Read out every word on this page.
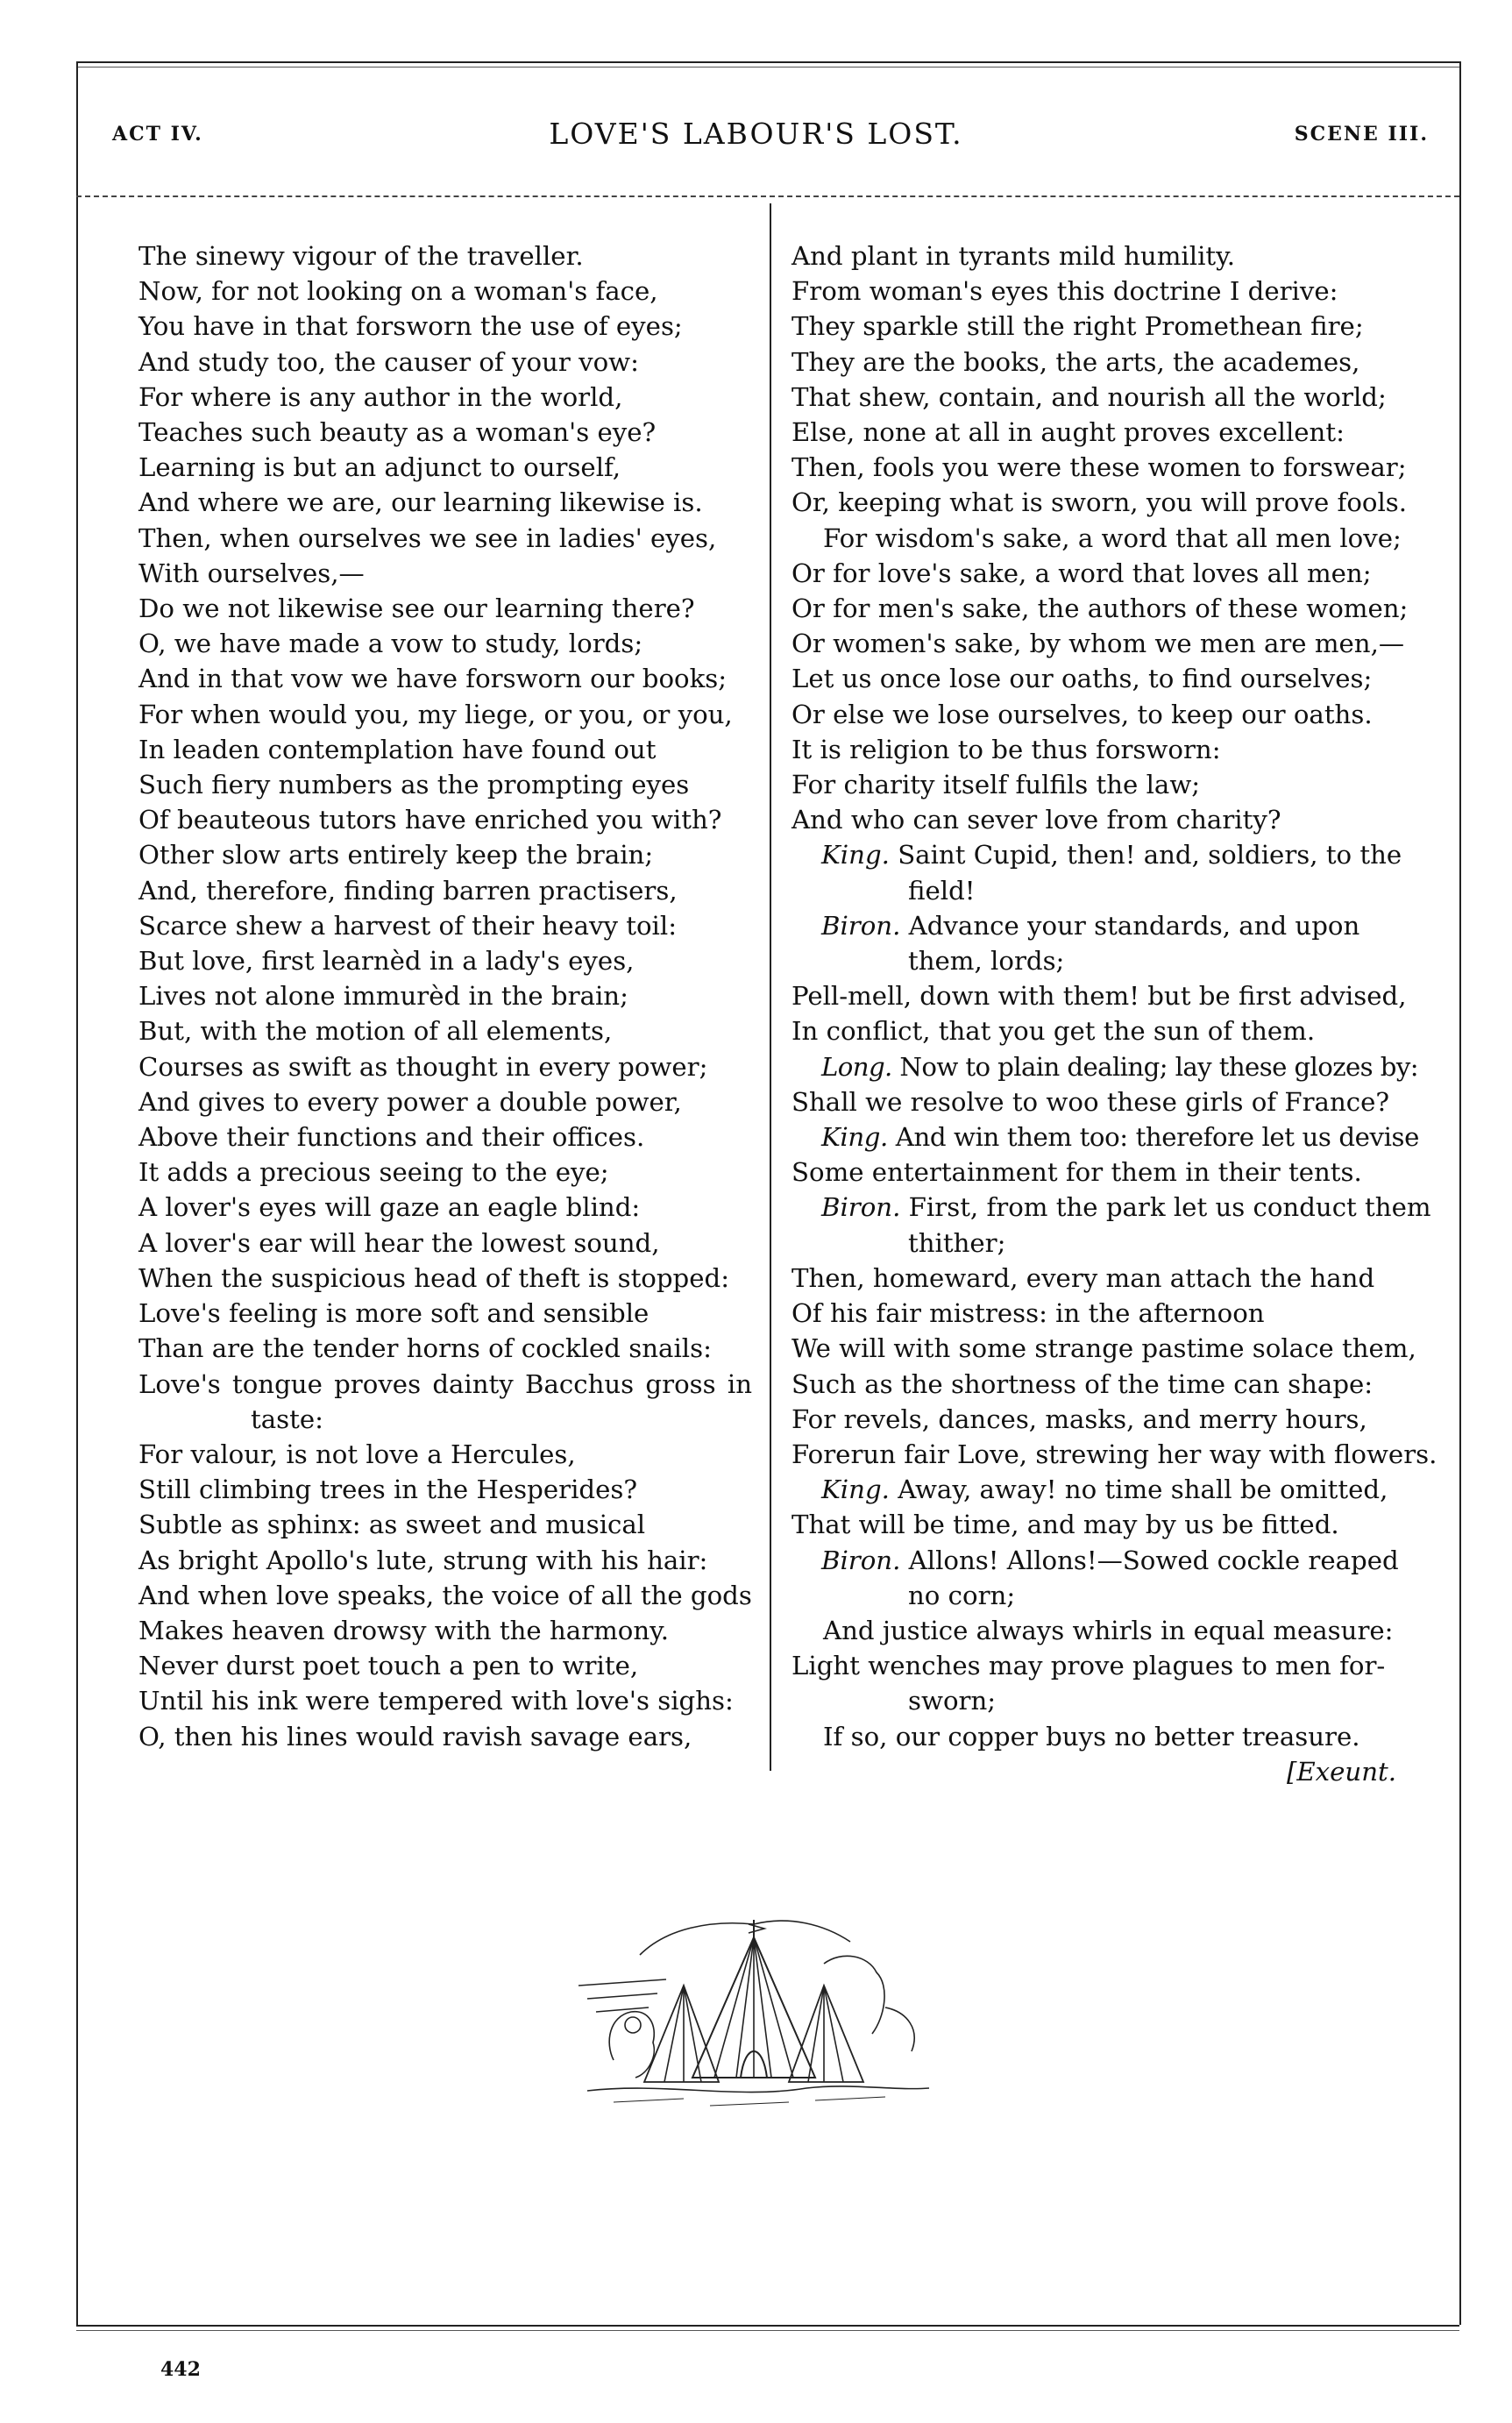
ACT IV.	LOVE'S LABOUR'S LOST.	SCENE III.
The sinewy vigour of the traveller.
Now, for not looking on a woman's face,
You have in that forsworn the use of eyes;
And study too, the causer of your vow:
For where is any author in the world,
Teaches such beauty as a woman's eye?
Learning is but an adjunct to ourself,
And where we are, our learning likewise is.
Then, when ourselves we see in ladies' eyes,
With ourselves,—
Do we not likewise see our learning there?
O, we have made a vow to study, lords;
And in that vow we have forsworn our books;
For when would you, my liege, or you, or you,
In leaden contemplation have found out
Such fiery numbers as the prompting eyes
Of beauteous tutors have enriched you with?
Other slow arts entirely keep the brain;
And, therefore, finding barren practisers,
Scarce shew a harvest of their heavy toil:
But love, first learnèd in a lady's eyes,
Lives not alone immurèd in the brain;
But, with the motion of all elements,
Courses as swift as thought in every power;
And gives to every power a double power,
Above their functions and their offices.
It adds a precious seeing to the eye;
A lover's eyes will gaze an eagle blind:
A lover's ear will hear the lowest sound,
When the suspicious head of theft is stopped:
Love's feeling is more soft and sensible
Than are the tender horns of cockled snails:
Love's tongue proves dainty Bacchus gross in
taste:
For valour, is not love a Hercules,
Still climbing trees in the Hesperides?
Subtle as sphinx: as sweet and musical
As bright Apollo's lute, strung with his hair:
And when love speaks, the voice of all the gods
Makes heaven drowsy with the harmony.
Never durst poet touch a pen to write,
Until his ink were tempered with love's sighs:
O, then his lines would ravish savage ears,
And plant in tyrants mild humility.
From woman's eyes this doctrine I derive:
They sparkle still the right Promethean fire;
They are the books, the arts, the academes,
That shew, contain, and nourish all the world;
Else, none at all in aught proves excellent:
Then, fools you were these women to forswear;
Or, keeping what is sworn, you will prove fools.
For wisdom's sake, a word that all men love;
Or for love's sake, a word that loves all men;
Or for men's sake, the authors of these women;
Or women's sake, by whom we men are men,—
Let us once lose our oaths, to find ourselves;
Or else we lose ourselves, to keep our oaths.
It is religion to be thus forsworn:
For charity itself fulfils the law;
And who can sever love from charity?
King. Saint Cupid, then! and, soldiers, to the
field!
Biron. Advance your standards, and upon
them, lords;
Pell-mell, down with them! but be first advised,
In conflict, that you get the sun of them.
Long. Now to plain dealing; lay these glozes by:
Shall we resolve to woo these girls of France?
King. And win them too: therefore let us devise
Some entertainment for them in their tents.
Biron. First, from the park let us conduct them
thither;
Then, homeward, every man attach the hand
Of his fair mistress: in the afternoon
We will with some strange pastime solace them,
Such as the shortness of the time can shape:
For revels, dances, masks, and merry hours,
Forerun fair Love, strewing her way with flowers.
King. Away, away! no time shall be omitted,
That will be time, and may by us be fitted.
Biron. Allons! Allons!—Sowed cockle reaped
no corn;
And justice always whirls in equal measure:
Light wenches may prove plagues to men for-
sworn;
If so, our copper buys no better treasure.
[Exeunt.
442
